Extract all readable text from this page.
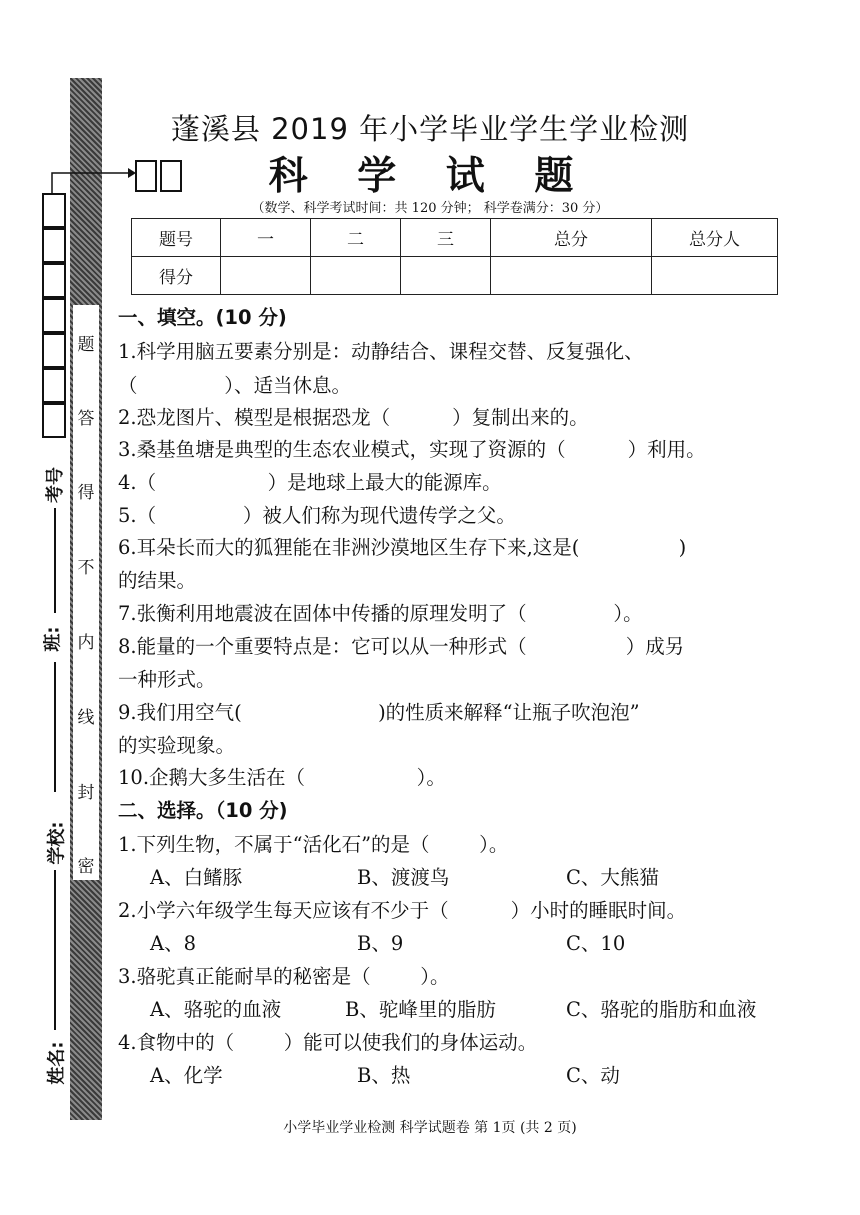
题
答
得
不
内
线
封
密
考号
班:
学校:
姓名:
蓬溪县 2019 年小学毕业学生学业检测
科 学 试 题
（数学、科学考试时间：共 120 分钟； 科学卷满分：30 分）
题号	一	二	三	总分	总分人
得分					
一、填空。(10 分)
1.科学用脑五要素分别是：动静结合、课程交替、反复强化、
（              ）、适当休息。
2.恐龙图片、模型是根据恐龙（          ）复制出来的。
3.桑基鱼塘是典型的生态农业模式，实现了资源的（          ）利用。
4.（                  ）是地球上最大的能源库。
5.（              ）被人们称为现代遗传学之父。
6.耳朵长而大的狐狸能在非洲沙漠地区生存下来,这是(                )
的结果。
7.张衡利用地震波在固体中传播的原理发明了（              ）。
8.能量的一个重要特点是：它可以从一种形式（                ）成另
一种形式。
9.我们用空气(                      )的性质来解释“让瓶子吹泡泡”
的实验现象。
10.企鹅大多生活在（                  ）。
二、选择。（10 分)
1.下列生物，不属于“活化石”的是（        ）。
A、白鳍豚	B、渡渡鸟	C、大熊猫
2.小学六年级学生每天应该有不少于（          ）小时的睡眠时间。
A、8	B、9	C、10
3.骆驼真正能耐旱的秘密是（        ）。
A、骆驼的血液	B、驼峰里的脂肪	C、骆驼的脂肪和血液
4.食物中的（        ）能可以使我们的身体运动。
A、化学	B、热	C、动
小学毕业学业检测 科学试题卷 第 1页 (共 2 页)
